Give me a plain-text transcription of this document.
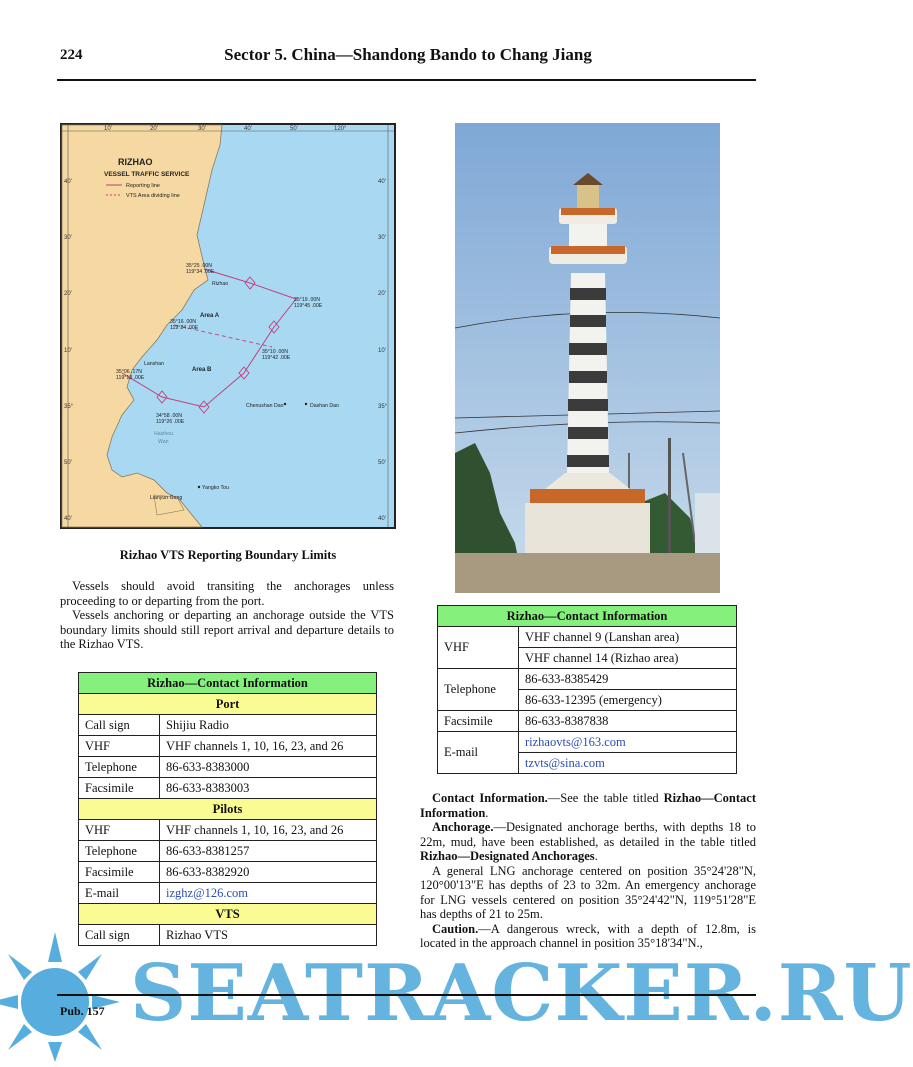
224	Sector 5. China—Shandong Bando to Chang Jiang
10'	20'	30'	40'	50'	120°
40'
30'
20'
10'
35°
50'
40'
40'
30'
20'
10'
35°
50'
40'
RIZHAO
VESSEL TRAFFIC SERVICE
Reporting line
VTS Area dividing line
35°25 .00N
119°34 .00E
35°19 .00N
119°45 .00E
35°16 .00N
119°24 .00E
35°10 .00N
119°42 .00E
35°06 .17N
119°18 .00E
34°58 .00N
119°26 .00E
Rizhao
Lanshan
Chenushan Dao	Dashan Dao
Haizhou
Wan
Yangko Tou
Lianyun Gang
Area A
Area B
Rizhao VTS Reporting Boundary Limits

Vessels should avoid transiting the anchorages unless proceeding to or departing from the port.

Vessels anchoring or departing an anchorage outside the VTS boundary limits should still report arrival and departure details to the Rizhao VTS.

Rizhao—Contact Information	
Port	
Call sign	Shijiu Radio
VHF	VHF channels 1, 10, 16, 23, and 26
Telephone	86-633-8383000
Facsimile	86-633-8383003
Pilots	
VHF	VHF channels 1, 10, 16, 23, and 26
Telephone	86-633-8381257
Facsimile	86-633-8382920
E-mail	izghz@126.com
VTS	
Call sign	Rizhao VTS
Rizhao—Contact Information	
VHF	VHF channel 9 (Lanshan area)
	VHF channel 14 (Rizhao area)
Telephone	86-633-8385429
	86-633-12395 (emergency)
Facsimile	86-633-8387838
E-mail	rizhaovts@163.com
	tzvts@sina.com

Contact Information.—See the table titled Rizhao—Contact Information.

Anchorage.—Designated anchorage berths, with depths 18 to 22m, mud, have been established, as detailed in the table titled Rizhao—Designated Anchorages.

A general LNG anchorage centered on position 35°24'28"N, 120°00'13"E has depths of 23 to 32m. An emergency anchorage for LNG vessels centered on position 35°24'42"N, 119°51'28"E has depths of 21 to 25m.

Caution.—A dangerous wreck, with a depth of 12.8m, is located in the approach channel in position 35°18'34"N.,

SEATRACKER.RU
Pub. 157
